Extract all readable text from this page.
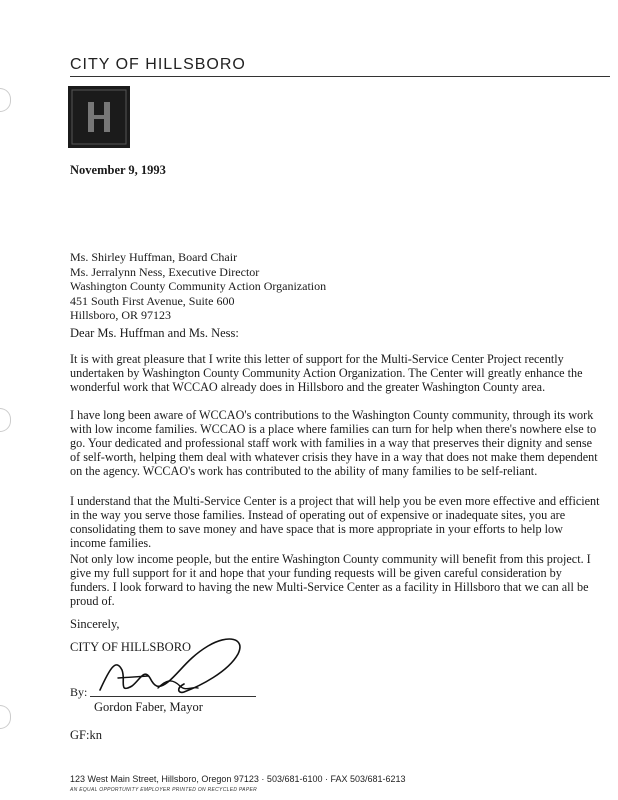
CITY OF HILLSBORO
November 9, 1993
Ms. Shirley Huffman, Board Chair
Ms. Jerralynn Ness, Executive Director
Washington County Community Action Organization
451 South First Avenue, Suite 600
Hillsboro, OR 97123
Dear Ms. Huffman and Ms. Ness:

It is with great pleasure that I write this letter of support for the Multi-Service Center Project recently undertaken by Washington County Community Action Organization. The Center will greatly enhance the wonderful work that WCCAO already does in Hillsboro and the greater Washington County area.

I have long been aware of WCCAO's contributions to the Washington County community, through its work with low income families. WCCAO is a place where families can turn for help when there's nowhere else to go. Your dedicated and professional staff work with families in a way that preserves their dignity and sense of self-worth, helping them deal with whatever crisis they have in a way that does not make them dependent on the agency. WCCAO's work has contributed to the ability of many families to be self-reliant.

I understand that the Multi-Service Center is a project that will help you be even more effective and efficient in the way you serve those families. Instead of operating out of expensive or inadequate sites, you are consolidating them to save money and have space that is more appropriate in your efforts to help low income families.

Not only low income people, but the entire Washington County community will benefit from this project. I give my full support for it and hope that your funding requests will be given careful consideration by funders. I look forward to having the new Multi-Service Center as a facility in Hillsboro that we can all be proud of.

Sincerely,
CITY OF HILLSBORO
By:
Gordon Faber, Mayor
GF:kn
123 West Main Street, Hillsboro, Oregon 97123 · 503/681-6100 · FAX 503/681-6213
AN EQUAL OPPORTUNITY EMPLOYER PRINTED ON RECYCLED PAPER
